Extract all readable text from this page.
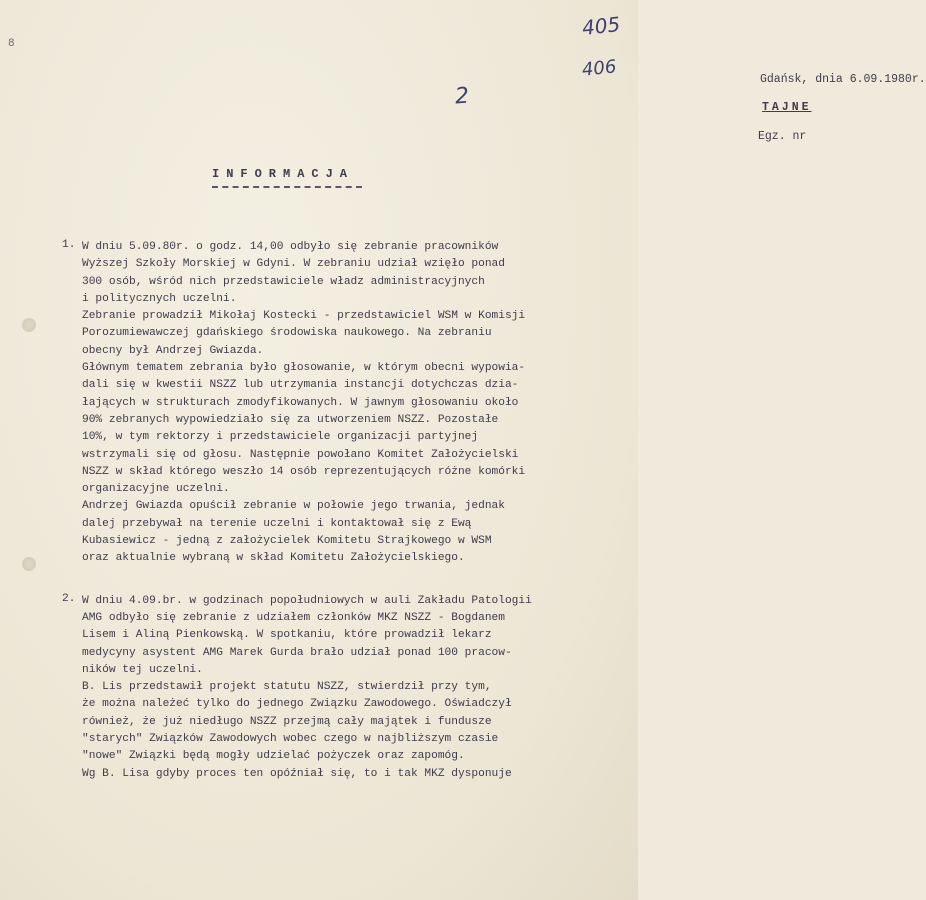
8
405
406	Gdańsk, dnia 6.09.1980r.
TAJNE
Egz. nr
2
INFORMACJA
1. W dniu 5.09.80r. o godz. 14,00 odbyło się zebranie pracowników
Wyższej Szkoły Morskiej w Gdyni. W zebraniu udział wzięło ponad
300 osób, wśród nich przedstawiciele władz administracyjnych
i politycznych uczelni.
Zebranie prowadził Mikołaj Kostecki - przedstawiciel WSM w Komisji
Porozumiewawczej gdańskiego środowiska naukowego. Na zebraniu
obecny był Andrzej Gwiazda.
Głównym tematem zebrania było głosowanie, w którym obecni wypowia-
dali się w kwestii NSZZ lub utrzymania instancji dotychczas dzia-
łających w strukturach zmodyfikowanych. W jawnym głosowaniu około
90% zebranych wypowiedziało się za utworzeniem NSZZ. Pozostałe
10%, w tym rektorzy i przedstawiciele organizacji partyjnej
wstrzymali się od głosu. Następnie powołano Komitet Założycielski
NSZZ w skład którego weszło 14 osób reprezentujących różne komórki
organizacyjne uczelni.
Andrzej Gwiazda opuścił zebranie w połowie jego trwania, jednak
dalej przebywał na terenie uczelni i kontaktował się z Ewą
Kubasiewicz - jedną z założycielek Komitetu Strajkowego w WSM
oraz aktualnie wybraną w skład Komitetu Założycielskiego.
2. W dniu 4.09.br. w godzinach popołudniowych w auli Zakładu Patologii
AMG odbyło się zebranie z udziałem członków MKZ NSZZ - Bogdanem
Lisem i Aliną Pienkowską. W spotkaniu, które prowadził lekarz
medycyny asystent AMG Marek Gurda brało udział ponad 100 pracow-
ników tej uczelni.
B. Lis przedstawił projekt statutu NSZZ, stwierdził przy tym,
że można należeć tylko do jednego Związku Zawodowego. Oświadczył
również, że już niedługo NSZZ przejmą cały majątek i fundusze
"starych" Związków Zawodowych wobec czego w najbliższym czasie
"nowe" Związki będą mogły udzielać pożyczek oraz zapomóg.
Wg B. Lisa gdyby proces ten opóźniał się, to i tak MKZ dysponuje
